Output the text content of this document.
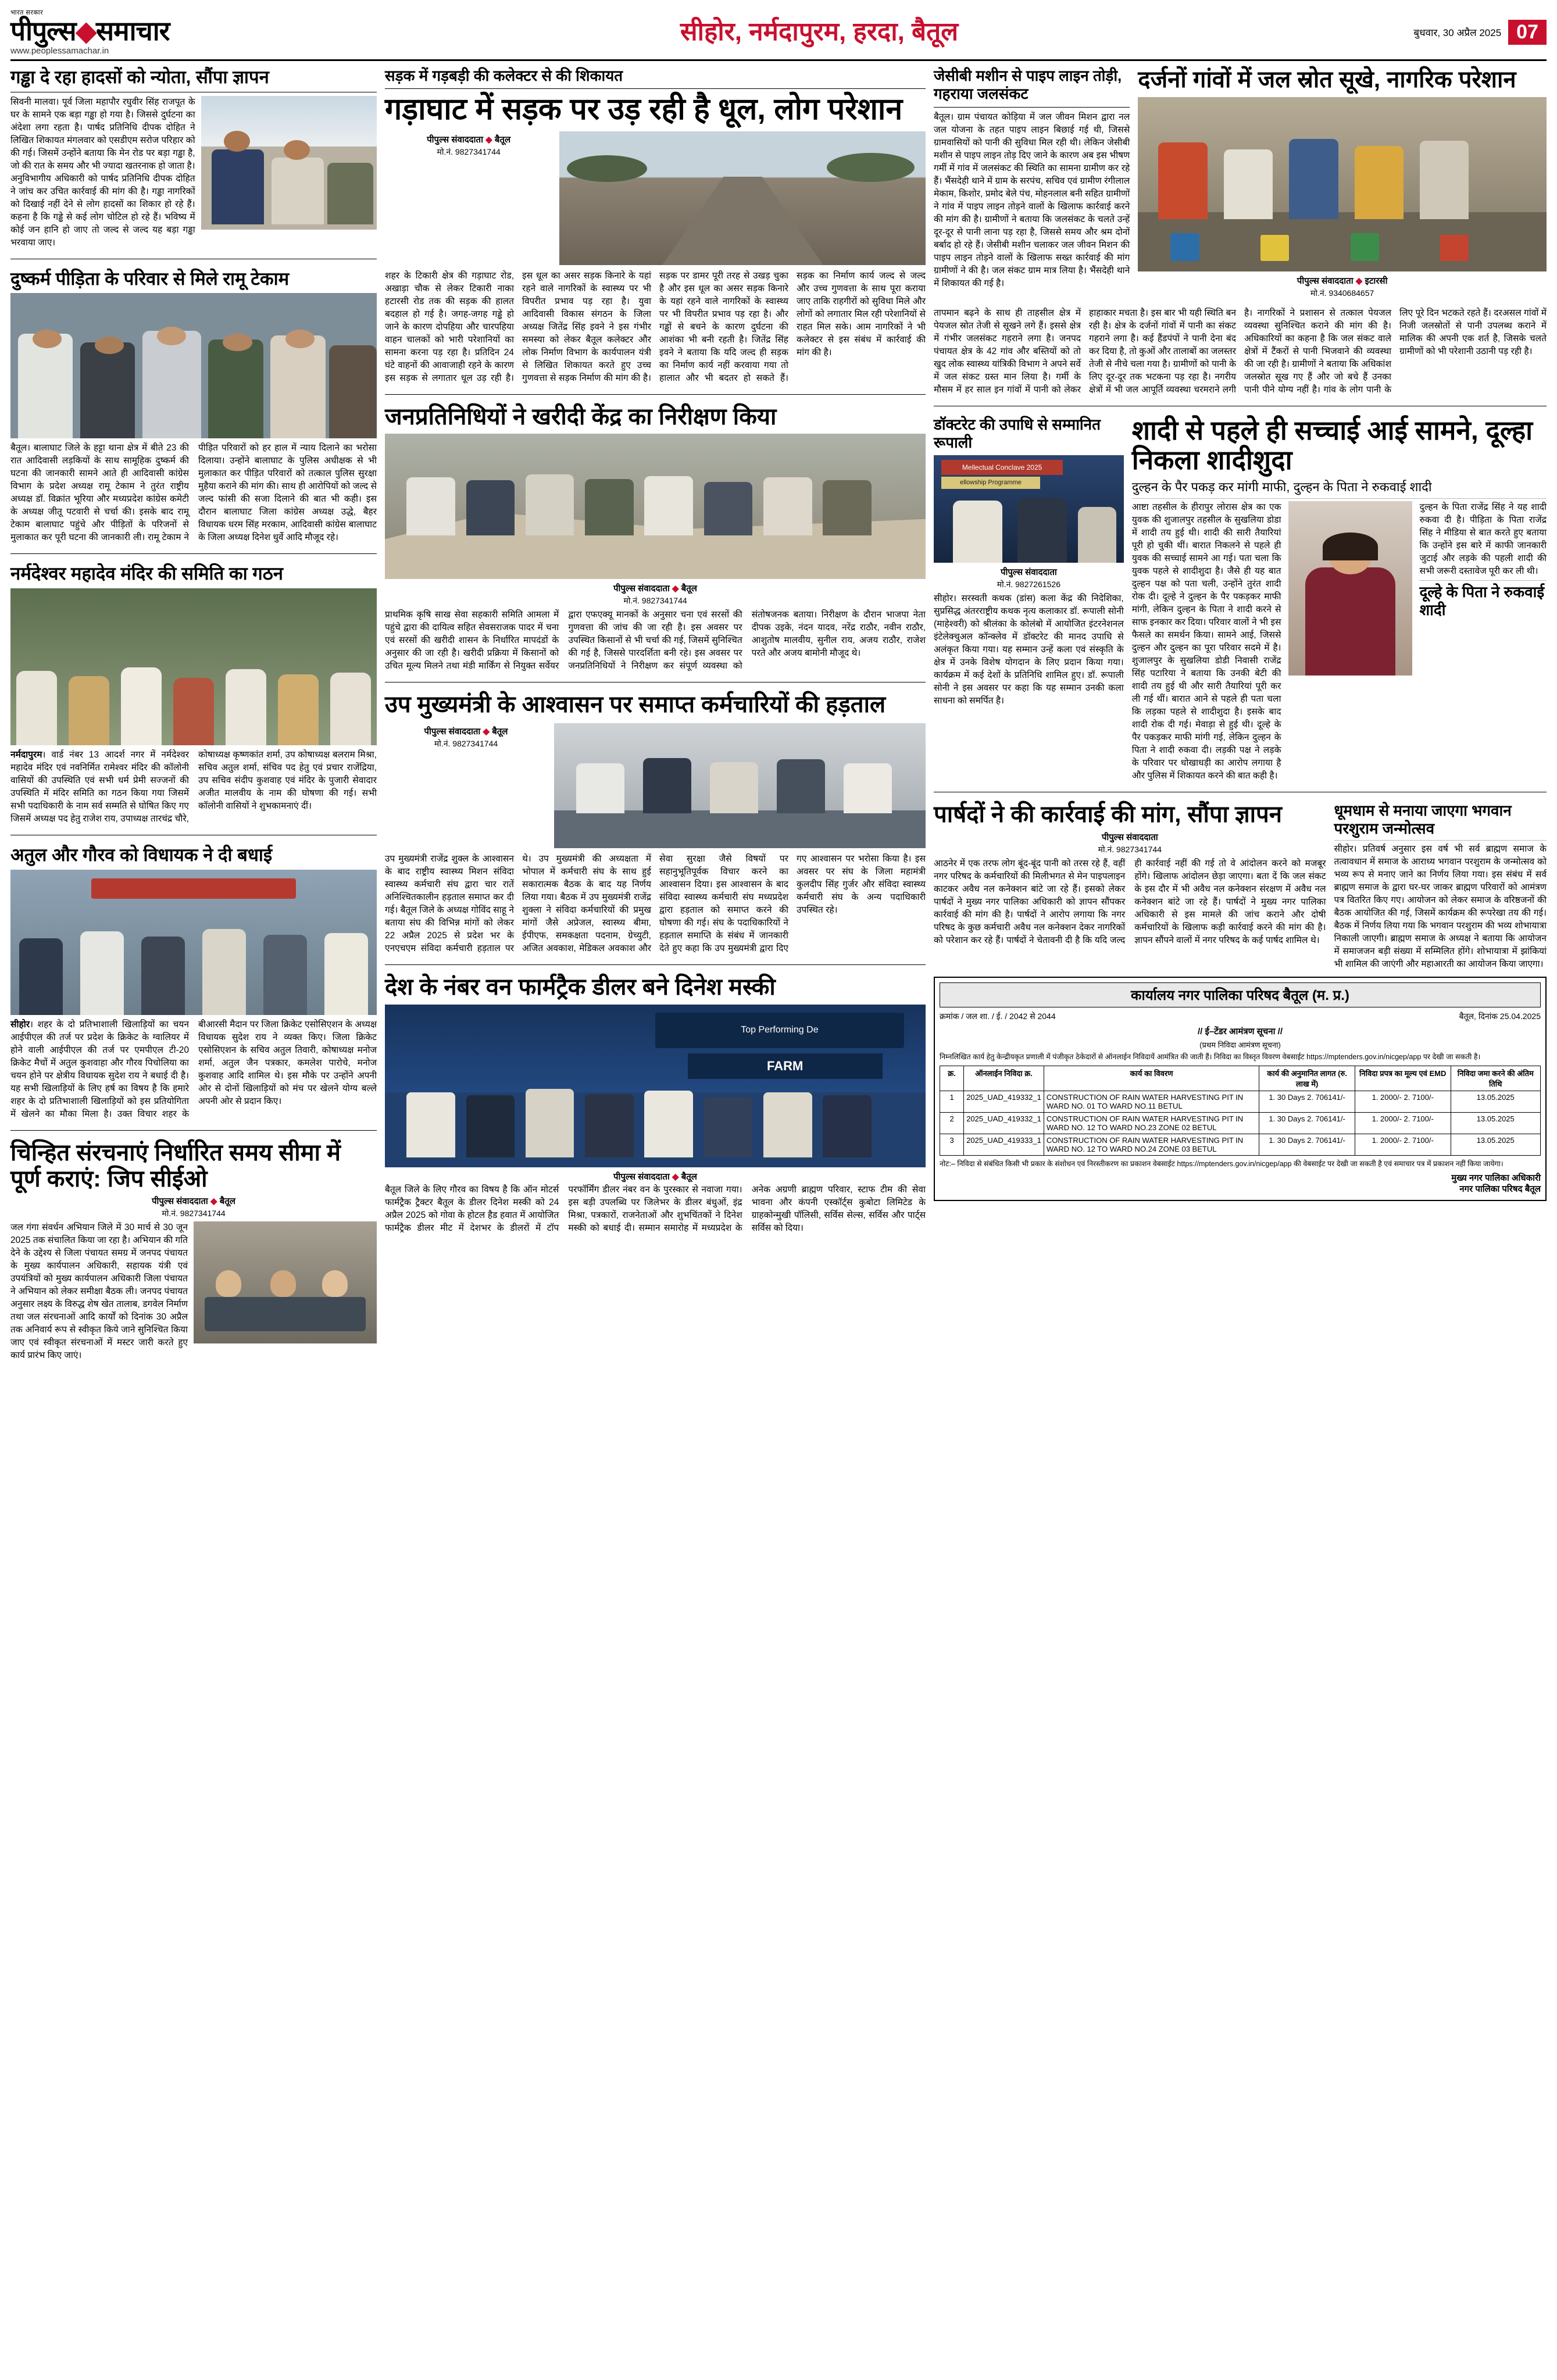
भारत सरकार
पीपुल्स◆समाचार
www.peoplessamachar.in
सीहोर, नर्मदापुरम, हरदा, बैतूल	बुधवार, 30 अप्रैल 2025 07
गड्ढा दे रहा हादसों को न्योता, सौंपा ज्ञापन
सिवनी मालवा। पूर्व जिला महापौर रघुवीर सिंह राजपूत के घर के सामने एक बड़ा गड्ढा हो गया है। जिससे दुर्घटना का अंदेशा लगा रहता है। पार्षद प्रतिनिधि दीपक दोहित ने लिखित शिकायत मंगलवार को एसडीएम सरोज परिहार को की गई। जिसमें उन्होंने बताया कि मेन रोड पर बड़ा गड्ढा है, जो की रात के समय और भी ज्यादा खतरनाक हो जाता है। अनुविभागीय अधिकारी को पार्षद प्रतिनिधि दीपक दोहित ने जांच कर उचित कार्रवाई की मांग की है। गड्ढा नागरिकों को दिखाई नहीं देने से लोग हादसों का शिकार हो रहे हैं। कहना है कि गड्ढे से कई लोग चोटिल हो रहे हैं। भविष्य में कोई जन हानि हो जाए तो जल्द से जल्द यह बड़ा गड्ढा भरवाया जाए।
दुष्कर्म पीड़िता के परिवार से मिले रामू टेकाम
बैतूल। बालाघाट जिले के हट्टा थाना क्षेत्र में बीते 23 की रात आदिवासी लड़कियों के साथ सामूहिक दुष्कर्म की घटना की जानकारी सामने आते ही आदिवासी कांग्रेस विभाग के प्रदेश अध्यक्ष रामू टेकाम ने तुरंत राष्ट्रीय अध्यक्ष डॉ. विक्रांत भूरिया और मध्यप्रदेश कांग्रेस कमेटी के अध्यक्ष जीतू पटवारी से चर्चा की। इसके बाद रामू टेकाम बालाघाट पहुंचे और पीड़ितों के परिजनों से मुलाकात कर पूरी घटना की जानकारी ली। रामू टेकाम ने पीड़ित परिवारों को हर हाल में न्याय दिलाने का भरोसा दिलाया। उन्होंने बालाघाट के पुलिस अधीक्षक से भी मुलाकात कर पीड़ित परिवारों को तत्काल पुलिस सुरक्षा मुहैया कराने की मांग की। साथ ही आरोपियों को जल्द से जल्द फांसी की सजा दिलाने की बात भी कही। इस दौरान बालाघाट जिला कांग्रेस अध्यक्ष उद्धे, बैहर विधायक धरम सिंह मरकाम, आदिवासी कांग्रेस बालाघाट के जिला अध्यक्ष दिनेश धुर्वे आदि मौजूद रहे।
नर्मदेश्वर महादेव मंदिर की समिति का गठन
नर्मदापुरम। वार्ड नंबर 13 आदर्श नगर में नर्मदेश्वर महादेव मंदिर एवं नवनिर्मित रामेश्वर मंदिर की कॉलोनी वासियों की उपस्थिति एवं सभी धर्म प्रेमी सज्जनों की उपस्थिति में मंदिर समिति का गठन किया गया जिसमें सभी पदाधिकारी के नाम सर्व सम्मति से घोषित किए गए जिसमें अध्यक्ष पद हेतु राजेश राय, उपाध्यक्ष तारचंद्र चौरे, कोषाध्यक्ष कृष्णकांत शर्मा, उप कोषाध्यक्ष बलराम मिश्रा, सचिव अतुल शर्मा, संचिव पद हेतु एवं प्रचार राजेंद्रिया, उप सचिव संदीप कुशवाह एवं मंदिर के पुजारी सेवादार अजीत मालवीय के नाम की घोषणा की गई। सभी कॉलोनी वासियों ने शुभकामनाएं दीं।
अतुल और गौरव को विधायक ने दी बधाई
सीहोर। शहर के दो प्रतिभाशाली खिलाड़ियों का चयन आईपीएल की तर्ज पर प्रदेश के क्रिकेट के ग्वालियर में होने वाली आईपीएल की तर्ज पर एमपीएल टी-20 क्रिकेट मैचों में अतुल कुशवाहा और गौरव पिचोलिया का चयन होने पर क्षेत्रीय विधायक सुदेश राय ने बधाई दी है। यह सभी खिलाड़ियों के लिए हर्ष का विषय है कि हमारे शहर के दो प्रतिभाशाली खिलाड़ियों को इस प्रतियोगिता में खेलने का मौका मिला है। उक्त विचार शहर के बीआरसी मैदान पर जिला क्रिकेट एसोसिएशन के अध्यक्ष विधायक सुदेश राय ने व्यक्त किए। जिला क्रिकेट एसोसिएशन के सचिव अतुल तिवारी, कोषाध्यक्ष मनोज शर्मा, अतुल जैन पत्रकार, कमलेश पारोचे, मनोज कुशवाह आदि शामिल थे। इस मौके पर उन्होंने अपनी ओर से दोनों खिलाड़ियों को मंच पर खेलने योग्य बल्ले अपनी ओर से प्रदान किए।
चिन्हित संरचनाएं निर्धारित समय सीमा में पूर्ण कराएं: जिप सीईओ
पीपुल्स संवाददाता ◆ बैतूल
मो.नं. 9827341744
जल गंगा संवर्धन अभियान जिले में 30 मार्च से 30 जून 2025 तक संचालित किया जा रहा है। अभियान की गति देने के उद्देश्य से जिला पंचायत समग्र में जनपद पंचायत के मुख्य कार्यपालन अधिकारी, सहायक यंत्री एवं उपयंत्रियों को मुख्य कार्यपालन अधिकारी जिला पंचायत ने अभियान को लेकर समीक्षा बैठक ली। जनपद पंचायत अनुसार लक्ष्य के विरुद्ध शेष खेत तालाब, डगवेल निर्माण तथा जल संरचनाओं आदि कार्यों को दिनांक 30 अप्रैल तक अनिवार्य रूप से स्वीकृत किये जाने सुनिश्चित किया जाए एवं स्वीकृत संरचनाओं में मस्टर जारी करते हुए कार्य प्रारंभ किए जाएं।
सड़क में गड़बड़ी की कलेक्टर से की शिकायत
गड़ाघाट में सड़क पर उड़ रही है धूल, लोग परेशान
पीपुल्स संवाददाता ◆ बैतूल
मो.नं. 9827341744
शहर के टिकारी क्षेत्र की गड़ाघाट रोड, अखाड़ा चौक से लेकर टिकारी नाका हटारसी रोड तक की सड़क की हालत बदहाल हो गई है। जगह-जगह गड्ढे हो जाने के कारण दोपहिया और चारपहिया वाहन चालकों को भारी परेशानियों का सामना करना पड़ रहा है। प्रतिदिन 24 घंटे वाहनों की आवाजाही रहने के कारण इस सड़क से लगातार धूल उड़ रही है। इस धूल का असर सड़क किनारे के यहां रहने वाले नागरिकों के स्वास्थ्य पर भी विपरीत प्रभाव पड़ रहा है। युवा आदिवासी विकास संगठन के जिला अध्यक्ष जितेंद्र सिंह इवने ने इस गंभीर समस्या को लेकर बैतूल कलेक्टर और लोक निर्माण विभाग के कार्यपालन यंत्री से लिखित शिकायत करते हुए उच्च गुणवत्ता से सड़क निर्माण की मांग की है। सड़क पर डामर पूरी तरह से उखड़ चुका है और इस धूल का असर सड़क किनारे के यहां रहने वाले नागरिकों के स्वास्थ्य पर भी विपरीत प्रभाव पड़ रहा है। और गड्ढों से बचने के कारण दुर्घटना की आशंका भी बनी रहती है। जितेंद्र सिंह इवने ने बताया कि यदि जल्द ही सड़क का निर्माण कार्य नहीं करवाया गया तो हालात और भी बदतर हो सकते हैं। सड़क का निर्माण कार्य जल्द से जल्द और उच्च गुणवत्ता के साथ पूरा कराया जाए ताकि राहगीरों को सुविधा मिले और लोगों को लगातार मिल रही परेशानियों से राहत मिल सके। आम नागरिकों ने भी कलेक्टर से इस संबंध में कार्रवाई की मांग की है।
जनप्रतिनिधियों ने खरीदी केंद्र का निरीक्षण किया
पीपुल्स संवाददाता ◆ बैतूल
मो.नं. 9827341744
प्राथमिक कृषि साख सेवा सहकारी समिति आमला में पहुंचे द्वारा की दायित्व सहित सेवसराजक पादर में चना एवं सरसों की खरीदी शासन के निर्धारित मापदंडों के अनुसार की जा रही है। खरीदी प्रक्रिया में किसानों को उचित मूल्य मिलने तथा मंडी मार्किंग से नियुक्त सर्वेयर द्वारा एफएक्यू मानकों के अनुसार चना एवं सरसों की गुणवत्ता की जांच की जा रही है। इस अवसर पर उपस्थित किसानों से भी चर्चा की गई, जिसमें सुनिश्चित की गई है, जिससे पारदर्शिता बनी रहे। इस अवसर पर जनप्रतिनिधियों ने निरीक्षण कर संपूर्ण व्यवस्था को संतोषजनक बताया। निरीक्षण के दौरान भाजपा नेता दीपक उइके, नंदन यादव, नरेंद्र राठौर, नवीन राठौर, आशुतोष मालवीय, सुनील राय, अजय राठौर, राजेश परते और अजय बामोनी मौजूद थे।
उप मुख्यमंत्री के आश्वासन पर समाप्त कर्मचारियों की हड़ताल
पीपुल्स संवाददाता ◆ बैतूल
मो.नं. 9827341744
उप मुख्यमंत्री राजेंद्र शुक्ल के आश्वासन के बाद राष्ट्रीय स्वास्थ्य मिशन संविदा स्वास्थ्य कर्मचारी संघ द्वारा चार रातें अनिश्चितकालीन हड़ताल समाप्त कर दी गई। बैतूल जिले के अध्यक्ष गोविंद साहू ने बताया संघ की विभिन्न मांगों को लेकर 22 अप्रैल 2025 से प्रदेश भर के एनएचएम संविदा कर्मचारी हड़ताल पर थे। उप मुख्यमंत्री की अध्यक्षता में भोपाल में कर्मचारी संघ के साथ हुई सकारात्मक बैठक के बाद यह निर्णय लिया गया। बैठक में उप मुख्यमंत्री राजेंद्र शुक्ला ने संविदा कर्मचारियों की प्रमुख मांगों जैसे अप्रेजल, स्वास्थ्य बीमा, ईपीएफ, समकक्षता पदनाम, ग्रेच्युटी, अजित अवकाश, मेडिकल अवकाश और सेवा सुरक्षा जैसे विषयों पर सहानुभूतिपूर्वक विचार करने का आश्वासन दिया। इस आश्वासन के बाद संविदा स्वास्थ्य कर्मचारी संघ मध्यप्रदेश द्वारा हड़ताल को समाप्त करने की घोषणा की गई। संघ के पदाधिकारियों ने हड़ताल समाप्ति के संबंध में जानकारी देते हुए कहा कि उप मुख्यमंत्री द्वारा दिए गए आश्वासन पर भरोसा किया है। इस अवसर पर संघ के जिला महामंत्री कुलदीप सिंह गुर्जर और संविदा स्वास्थ्य कर्मचारी संघ के अन्य पदाधिकारी उपस्थित रहे।
देश के नंबर वन फार्मट्रैक डीलर बने दिनेश मस्की
Top Performing De
FARM
पीपुल्स संवाददाता ◆ बैतूल
बैतूल जिले के लिए गौरव का विषय है कि ऑन मोटर्स फार्मट्रैक ट्रैक्टर बैतूल के डीलर दिनेश मस्की को 24 अप्रैल 2025 को गोवा के होटल हैड हवात में आयोजित फार्मट्रैक डीलर मीट में देशभर के डीलरों में टॉप परफॉर्मिंग डीलर नंबर वन के पुरस्कार से नवाजा गया। इस बड़ी उपलब्धि पर जिलेभर के डीलर बंधुओं, इंद्र मिश्रा, पत्रकारों, राजनेताओं और शुभचिंतकों ने दिनेश मस्की को बधाई दी। सम्मान समारोह में मध्यप्रदेश के अनेक अग्रणी ब्राह्मण परिवार, स्टाफ टीम की सेवा भावना और कंपनी एस्कॉर्ट्स कुबोटा लिमिटेड के ग्राहकोन्मुखी पॉलिसी, सर्विस सेल्स, सर्विस और पार्ट्स सर्विस को दिया।
जेसीबी मशीन से पाइप लाइन तोड़ी, गहराया जलसंकट
बैतूल। ग्राम पंचायत कोड़िया में जल जीवन मिशन द्वारा नल जल योजना के तहत पाइप लाइन बिछाई गई थी, जिससे ग्रामवासियों को पानी की सुविधा मिल रही थी। लेकिन जेसीबी मशीन से पाइप लाइन तोड़ दिए जाने के कारण अब इस भीषण गर्मी में गांव में जलसंकट की स्थिति का सामना ग्रामीण कर रहे हैं। भैंसदेही थाने में ग्राम के सरपंच, सचिव एवं ग्रामीण रंगीलाल मेकाम, किशोर, प्रमोद बेले पंच, मोहनलाल बनी सहित ग्रामीणों ने गांव में पाइप लाइन तोड़ने वालों के खिलाफ कार्रवाई करने की मांग की है। ग्रामीणों ने बताया कि जलसंकट के चलते उन्हें दूर-दूर से पानी लाना पड़ रहा है, जिससे समय और श्रम दोनों बर्बाद हो रहे हैं। जेसीबी मशीन चलाकर जल जीवन मिशन की पाइप लाइन तोड़ने वालों के खिलाफ सख्त कार्रवाई की मांग ग्रामीणों ने की है। जल संकट ग्राम मात्र लिया है। भैंसदेही थाने में शिकायत की गई है।
दर्जनों गांवों में जल स्रोत सूखे, नागरिक परेशान
पीपुल्स संवाददाता ◆ इटारसी
मो.नं. 9340684657
तापमान बढ़ने के साथ ही ताहसील क्षेत्र में पेयजल स्रोत तेजी से सूखने लगे हैं। इससे क्षेत्र में गंभीर जलसंकट गहराने लगा है। जनपद पंचायत क्षेत्र के 42 गांव और बस्तियों को तो खुद लोक स्वास्थ्य यांत्रिकी विभाग ने अपने सर्वे में जल संकट ग्रस्त मान लिया है। गर्मी के मौसम में हर साल इन गांवों में पानी को लेकर हाहाकार मचता है। इस बार भी यही स्थिति बन रही है। क्षेत्र के दर्जनों गांवों में पानी का संकट गहराने लगा है। कई हैंडपंपों ने पानी देना बंद कर दिया है, तो कुओं और तालाबों का जलस्तर तेजी से नीचे चला गया है। ग्रामीणों को पानी के लिए दूर-दूर तक भटकना पड़ रहा है। नगरीय क्षेत्रों में भी जल आपूर्ति व्यवस्था चरमराने लगी है। नागरिकों ने प्रशासन से तत्काल पेयजल व्यवस्था सुनिश्चित कराने की मांग की है। अधिकारियों का कहना है कि जल संकट वाले क्षेत्रों में टैंकरों से पानी भिजवाने की व्यवस्था की जा रही है। ग्रामीणों ने बताया कि अधिकांश जलस्रोत सूख गए हैं और जो बचे हैं उनका पानी पीने योग्य नहीं है। गांव के लोग पानी के लिए पूरे दिन भटकते रहते हैं। दरअसल गांवों में निजी जलस्रोतों से पानी उपलब्ध कराने में मालिक की अपनी एक शर्त है, जिसके चलते ग्रामीणों को भी परेशानी उठानी पड़ रही है।
डॉक्टरेट की उपाधि से सम्मानित रूपाली
Mellectual Conclave 2025
ellowship Programme
पीपुल्स संवाददाता
मो.नं. 9827261526
सीहोर। सरस्वती कथक (डांस) कला केंद्र की निदेशिका, सुप्रसिद्ध अंतरराष्ट्रीय कथक नृत्य कलाकार डॉ. रूपाली सोनी (माहेश्वरी) को श्रीलंका के कोलंबो में आयोजित इंटरनेशनल इंटेलेक्चुअल कॉन्क्लेव में डॉक्टरेट की मानद उपाधि से अलंकृत किया गया। यह सम्मान उन्हें कला एवं संस्कृति के क्षेत्र में उनके विशेष योगदान के लिए प्रदान किया गया। कार्यक्रम में कई देशों के प्रतिनिधि शामिल हुए। डॉ. रूपाली सोनी ने इस अवसर पर कहा कि यह सम्मान उनकी कला साधना को समर्पित है।
शादी से पहले ही सच्चाई आई सामने, दूल्हा निकला शादीशुदा
दुल्हन के पैर पकड़ कर मांगी माफी, दुल्हन के पिता ने रुकवाई शादी
आष्टा तहसील के हीरापुर लोरास क्षेत्र का एक युवक की शुजालपुर तहसील के सुखलिया डोडा में शादी तय हुई थी। शादी की सारी तैयारियां पूरी हो चुकी थीं। बारात निकलने से पहले ही युवक की सच्चाई सामने आ गई। पता चला कि युवक पहले से शादीशुदा है। जैसे ही यह बात दुल्हन पक्ष को पता चली, उन्होंने तुरंत शादी रोक दी। दूल्हे ने दुल्हन के पैर पकड़कर माफी मांगी, लेकिन दुल्हन के पिता ने शादी करने से साफ इनकार कर दिया। परिवार वालों ने भी इस फैसले का समर्थन किया। सामने आई, जिससे दुल्हन और दुल्हन का पूरा परिवार सदमे में है। शुजालपुर के सुखलिया डोडी निवासी राजेंद्र सिंह पटारिया ने बताया कि उनकी बेटी की शादी तय हुई थी और सारी तैयारियां पूरी कर ली गई थीं। बारात आने से पहले ही पता चला कि लड़का पहले से शादीशुदा है। इसके बाद शादी रोक दी गई। मेवाड़ा से हुई थी। दूल्हे के पैर पकड़कर माफी मांगी गई, लेकिन दुल्हन के पिता ने शादी रुकवा दी। लड़की पक्ष ने लड़के के परिवार पर धोखाधड़ी का आरोप लगाया है और पुलिस में शिकायत करने की बात कही है।
दुल्हन के पिता राजेंद्र सिंह ने यह शादी रुकवा दी है। पीड़िता के पिता राजेंद्र सिंह ने मीडिया से बात करते हुए बताया कि उन्होंने इस बारे में काफी जानकारी जुटाई और लड़के की पहली शादी की सभी जरूरी दस्तावेज पूरी कर ली थी।
दूल्हे के पिता ने रुकवाई शादी
पार्षदों ने की कार्रवाई की मांग, सौंपा ज्ञापन
पीपुल्स संवाददाता
मो.नं. 9827341744
आठनेर में एक तरफ लोग बूंद-बूंद पानी को तरस रहे हैं, वहीं नगर परिषद के कर्मचारियों की मिलीभगत से मेन पाइपलाइन काटकर अवैध नल कनेक्शन बांटे जा रहे हैं। इसको लेकर पार्षदों ने मुख्य नगर पालिका अधिकारी को ज्ञापन सौंपकर कार्रवाई की मांग की है। पार्षदों ने आरोप लगाया कि नगर परिषद के कुछ कर्मचारी अवैध नल कनेक्शन देकर नागरिकों को परेशान कर रहे हैं। पार्षदों ने चेतावनी दी है कि यदि जल्द ही कार्रवाई नहीं की गई तो वे आंदोलन करने को मजबूर होंगे। खिलाफ आंदोलन छेड़ा जाएगा। बता दें कि जल संकट के इस दौर में भी अवैध नल कनेक्शन संरक्षण में अवैध नल कनेक्शन बांटे जा रहे हैं। पार्षदों ने मुख्य नगर पालिका अधिकारी से इस मामले की जांच कराने और दोषी कर्मचारियों के खिलाफ कड़ी कार्रवाई करने की मांग की है। ज्ञापन सौंपने वालों में नगर परिषद के कई पार्षद शामिल थे।
धूमधाम से मनाया जाएगा भगवान परशुराम जन्मोत्सव
सीहोर। प्रतिवर्ष अनुसार इस वर्ष भी सर्व ब्राह्मण समाज के तत्वावधान में समाज के आराध्य भगवान परशुराम के जन्मोत्सव को भव्य रूप से मनाए जाने का निर्णय लिया गया। इस संबंध में सर्व ब्राह्मण समाज के द्वारा घर-घर जाकर ब्राह्मण परिवारों को आमंत्रण पत्र वितरित किए गए। आयोजन को लेकर समाज के वरिष्ठजनों की बैठक आयोजित की गई, जिसमें कार्यक्रम की रूपरेखा तय की गई। बैठक में निर्णय लिया गया कि भगवान परशुराम की भव्य शोभायात्रा निकाली जाएगी। ब्राह्मण समाज के अध्यक्ष ने बताया कि आयोजन में समाजजन बड़ी संख्या में सम्मिलित होंगे। शोभायात्रा में झांकियां भी शामिल की जाएंगी और महाआरती का आयोजन किया जाएगा।
कार्यालय नगर पालिका परिषद बैतूल (म. प्र.)
क्रमांक / जल शा. / ई. / 2042 से 2044	बैतूल, दिनांक 25.04.2025
// ई–टेंडर आमंत्रण सूचना //
(प्रथम निविदा आमंत्रण सूचना)
निम्नलिखित कार्य हेतु केन्द्रीयकृत प्रणाली में पंजीकृत ठेकेदारों से ऑनलाईन निविदायें आमंत्रित की जाती हैं। निविदा का विस्तृत विवरण वेबसाईट https://mptenders.gov.in/nicgep/app पर देखी जा सकती है।
क्र.	ऑनलाईन निविदा क्र.	कार्य का विवरण	कार्य की अनुमानित लागत (रु. लाख में)	निविदा प्रपत्र का मूल्य एवं EMD	निविदा जमा करने की अंतिम तिथि
1	2025_UAD_419332_1	CONSTRUCTION OF RAIN WATER HARVESTING PIT IN WARD NO. 01 TO WARD NO.11 BETUL	1. 30 Days 2. 706141/-	1. 2000/- 2. 7100/-	13.05.2025
2	2025_UAD_419332_1	CONSTRUCTION OF RAIN WATER HARVESTING PIT IN WARD NO. 12 TO WARD NO.23 ZONE 02 BETUL	1. 30 Days 2. 706141/-	1. 2000/- 2. 7100/-	13.05.2025
3	2025_UAD_419333_1	CONSTRUCTION OF RAIN WATER HARVESTING PIT IN WARD NO. 12 TO WARD NO.24 ZONE 03 BETUL	1. 30 Days 2. 706141/-	1. 2000/- 2. 7100/-	13.05.2025
नोट:– निविदा से संबंधित किसी भी प्रकार के संशोधन एवं निरस्तीकरण का प्रकाशन वेबसाईट https://mptenders.gov.in/nicgep/app की वेबसाईट पर देखी जा सकती है एवं समाचार पत्र में प्रकाशन नहीं किया जायेगा।
मुख्य नगर पालिका अधिकारी
नगर पालिका परिषद बैतूल
